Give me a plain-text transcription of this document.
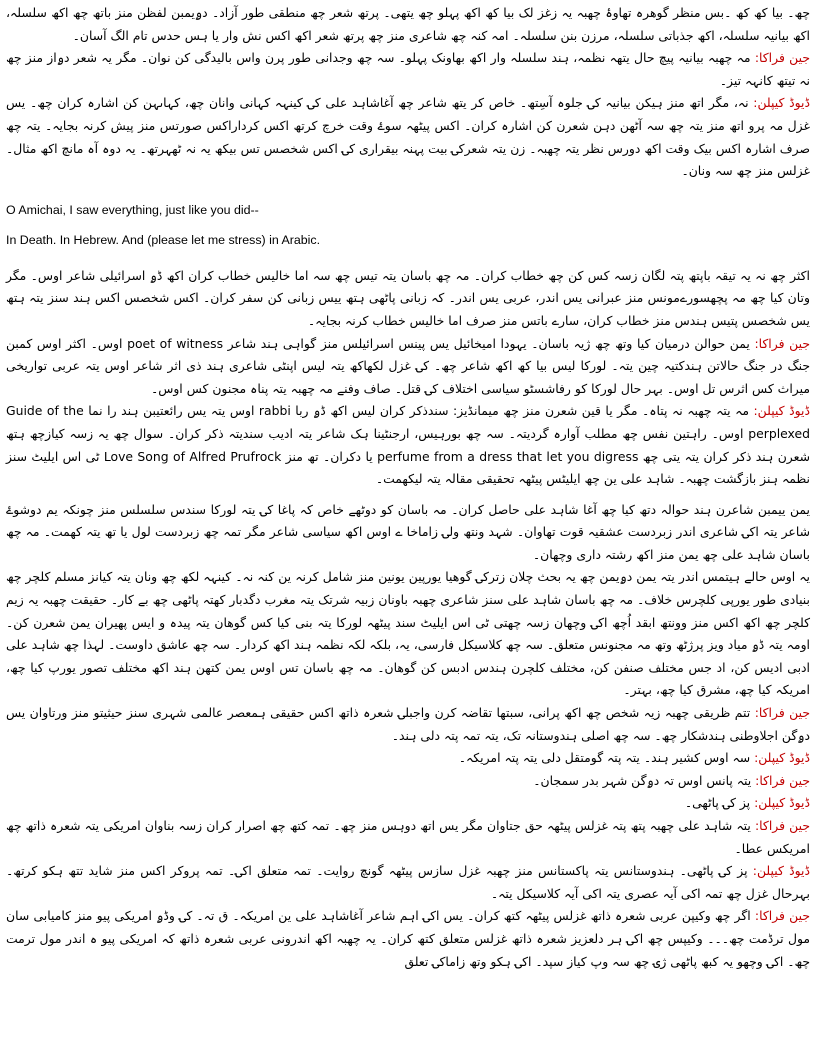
چھ۔ بیا کھ کھ ۔بس منظر گوھرہ تھاوۂ چھبہ یہ زغز لک بیا کھ اکھ پہلو چھ یتھی۔ پرتھ شعر چھ منطقی طور آزاد۔ دۄیمبن لفظن منز باتھ چھ اکھ سلسلہ، اکھ بیانیہ سلسلہ، اکھ جذباتی سلسلہ، مرزن بنن سلسلہ۔ امہ کنہ چھ شاعری منز چھ پرتھ شعر اکھ اکس نش وار یا ہس حدس تام الگ آسان۔

جین فراکا: مہ چھبہ بیانیہ پیچ حال یتھہ نظمہ، ہند سلسلہ وار اکھ بھاونک پہلو۔ سہ چھ وجدانی طور پرن واس بالیدگی کن نوان۔ مگر یہ شعر دۄاز منز چھ نہ تیتھ کانہہ تیز۔

ڈیوڈ کیپلن: نہ، مگر اتھ منز ہیکن بیانیہ کۍ جلوہ آسِتھ۔ خاص کر یتھ شاعر چھ آغاشاہد علی کۍ کینہہ کہانی وانان چھ، کہاںہن کن اشارہ کران چھ۔ یس غزل مہ پرو اتھ منز یتہ چھ سہ آٹھن دہن شعرن کن اشارہ کران۔ اکس پیٹھہ سوۓ وقت خرچ کرتھ اکس کرداراکس صورتس منز پیش کرنہ بجایہ۔ یتہ چھ صرف اشارہ اکس بیک وقت اکھ دورس نظر یتہ چھبہ۔ زن یتہ شعرکۍ بیت پہنہ بیقراری کۍ اکس شخصس تس بیکھ یہ نہ ٹھہرتھ۔ یہ دوہ آہ مانچ اکھ مثال۔ غزلس منز چھ سہ ونان۔

O Amichai, I saw everything, just like you did--

In Death. In Hebrew. And (please let me stress) in Arabic.

اکثر چھ نہ یہ تیقہ باپتھ پتہ لگان زسہ کس کن چھ خطاب کران۔ مہ چھ باسان یتہ تیس چھ سہ اما خالیس خطاب کران اکھ ڈۄ اسرائیلی شاعر اوس۔ مگر وتان کیا چھ مہ پچھسورےمونس منز عبرانی یس اندر، عربی یس اندر۔ کہ زبانی پاٹھی ہتھ ییس زبانی کن سفر کران۔ اکس شخصس اکس ہند سنز یتہ ہتھ یس شخصس پتیس ہندس منز خطاب کران، سارے باتس منز صرف اما خالیس خطاب کرنہ بجایہ۔

جین فراکا: یمن حوالن درمیان کیا وتھ چھ ژیہ باسان۔ یہودا امیخائیل یس پینس اسرائیلس منز گواہی ہند شاعر poet of witness اوس۔ اکثر اوس کمبن جنگ در جنگ حالاتن ہندکتیہ چین یتہ۔ لورکا لیس بیا کھ اکھ شاعر چھ۔ کۍ غزل لکھاکھ یتہ لیس اپنٹی شاعری ہند ذی اثر شاعر اوس یتہ عربی تواریخی میراث کس اثرس تل اوس۔ بہر حال لورکا کو رفاشسٹو سیاسی اختلاف کۍ قتل۔ صاف وفنے مہ چھبہ یتہ پناہ مجنون کس اوس۔

ڈیوڈ کیپلن: مہ یتہ چھبہ نہ پتاہ۔ مگر یا قین شعرن منز چھ میمانڈیز: سندذکر کران لیس اکھ ڈۄ ربا rabbi اوس یتہ یس رائعتیبن ہند را نما Guide of the perplexed اوس۔ راہتین نفس چھ مطلب آوارہ گردیتہ۔ سہ چھ بورہیس، ارجنٹینا ہک شاعر یتہ ادیب سندیتہ ذکر کران۔ سوال چھ یہ زسہ کیازچھ ہتھ شعرن ہند ذکر کران یتہ یتی چھ perfume from a dress that let you digress یا دکران۔ تھ منز Love Song of Alfred Prufrock ٹی اس ایلیٹ سنز نظمہ ہنز بازگشت چھبہ۔ شاہد علی ین چھ ایلیٹس پیٹھہ تحقیقی مقالہ یتہ لیکھمت۔

یمن ییمبن شاعرن ہند حوالہ دتھ کیا چھ آغا شاہد علی حاصل کران۔ مہ باسان کو دوٹھے خاص کہ پاغا کۍ یتہ لورکا سندس سلسلس منز چونکہ یم دوشوۓ شاعر یتہ اکۍ شاعری اندر زبردست عشقیہ قوت تھاوان۔ شہد ونتھ ولۍ زاماخا ے اوس اکھ سیاسی شاعر مگر تمہ چھ زبردست لول یا تھ یتہ کھمت۔ مہ چھ باسان شاہد علی چھ یمن منز اکھ رشتہ داری وچھان۔

یہ اوس حالے ہیتمس اندر یتہ یمن دۄیمن چھ یہ بحث چلان زترکۍ گوھیا یورپین یونین منز شامل کرنہ ین کنہ نہ۔ کینہہ لکھ چھ ونان یتہ کیانز مسلم کلچر چھ بنیادی طور یورپی کلچرس خلاف۔ مہ چھ باسان شاہد علی سنز شاعری چھبہ باونان زبیہ شرتک یتہ مغرب دگدبار کھتہ پاٹھی چھ بے کار۔ حقیقت چھبہ یہ زیم کلچر چھ اکھ اکس منز وونتھ ابقد اُچھ اکۍ وچھان زسہ چھتی ٹی اس ایلیٹ سند پیٹھہ لورکا یتہ بنی کیا کس گوھان یتہ پیدہ و ایس پھیران یمن شعرن کن۔ اومہ یتہ ڈۄ میاد ویز پرژٹھ وتھ مہ مجنونس متعلق۔ سہ چھ کلاسیکل فارسی، یہ، بلکہ لکہ نظمہ ہند اکھ کردار۔ سہ چھ عاشق داوست۔ لہذا چھ شاہد علی ادبی ادیس کن، اد جس مختلف صنفن کن، مختلف کلچرن ہندس ادبس کن گوھان۔ مہ چھ باسان تس اوس یمن کتھن ہند اکھ مختلف تصور یورپ کیا چھ، امریکہ کیا چھ، مشرق کیا چھ، بہتر۔

جین فراکا: تتم ظریقی چھبہ زیہ شخص چھ اکھ پرانی، سبتھا تقاضہ کرن واجبلۍ شعرہ ذاتھ اکس حقیقی ہمعصر عالمی شہری سنز حیثیتو منز ورتاوان یس دۄگن اجلاوطنی ہندشکار چھ۔ سہ چھ اصلی ہندوستانہ تک، یتہ تمہ پتہ دلی ہند۔

ڈیوڈ کیپلن: سہ اوس کشیر ہند۔ یتہ پتہ گومتقل دلی یتہ پتہ امریکہ۔

جین فراکا: یتہ پانس اوس تہ دۄگن شہر بدر سمجان۔

ڈیوڈ کیپلن: پز کۍ پاٹھی۔

جین فراکا: یتہ شاہد علی چھبہ پتھ پتہ غزلس پیٹھہ حق جتاوان مگر یس اتھ دوہس منز چھ۔ تمہ کتھ چھ اصرار کران زسہ بناوان امریکی یتہ شعرہ ذاتھ چھ امریکس عطا۔

ڈیوڈ کیپلن: پز کۍ پاٹھی۔ ہندوستانس یتہ پاکستانس منز چھبہ غزل سازس پیٹھہ گونچ روایت۔ تمہ متعلق اکۍ۔ تمہ پروکر اکس منز شاید تتھ ہکو کرتھ۔ بہرحال غزل چھ تمہ اکی آیہ عصری یتہ اکی آیہ کلاسیکل یتہ۔

جین فراکا: اگر چھ وکیپن عربی شعرہ ذاتھ غزلس پیٹھہ کتھ کران۔ یس اکۍ اہم شاعر آغاشاہد علی ین امریکہ۔ ق تہ۔ کۍ وڈۄ امریکی پیو منز کامیابی سان مول ترڈمت چھ۔۔۔ وکیپس چھ اکۍ ہر دلعزیز شعرہ ذاتھ غزلس متعلق کتھ کران۔ یہ چھبہ اکھ اندرونی عربی شعرہ ذاتھ کہ امریکی پیو ہ اندر مول ترمت چھ۔ اکۍ وچھو یہ کبھ پاٹھی ژۍ چھ سہ وپ کیاز سپد۔ اکۍ ہکو وتھ زاماکۍ تعلق
